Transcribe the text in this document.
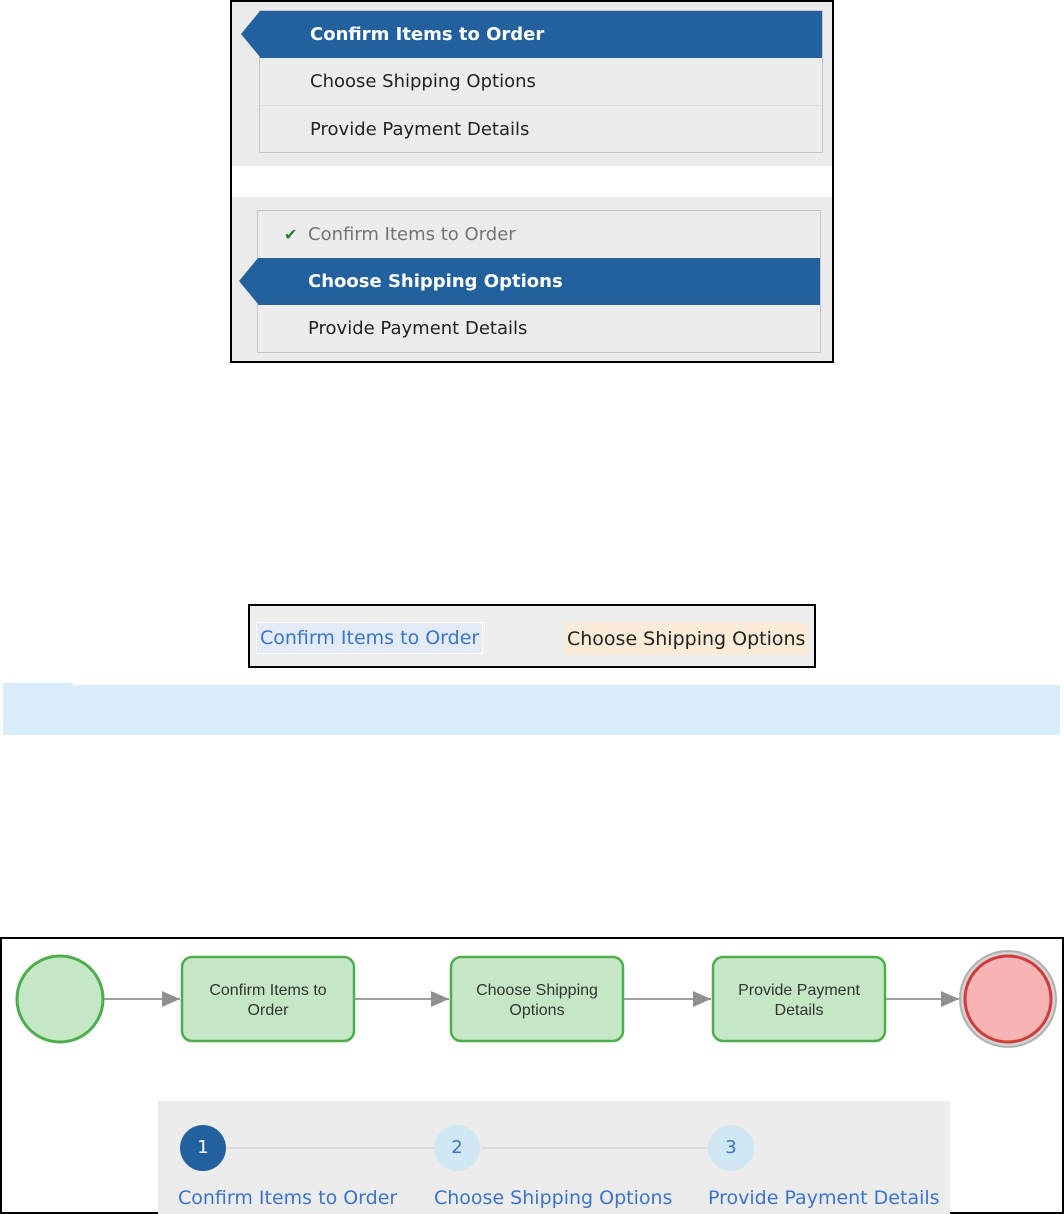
Confirm Items to Order
Choose Shipping Options
Provide Payment Details
✔ Confirm Items to Order
Choose Shipping Options
Provide Payment Details
Confirm Items to Order	Choose Shipping Options
Confirm Items to
Order
Choose Shipping
Options
Provide Payment
Details
1	2	3
Confirm Items to Order Choose Shipping Options Provide Payment Details
